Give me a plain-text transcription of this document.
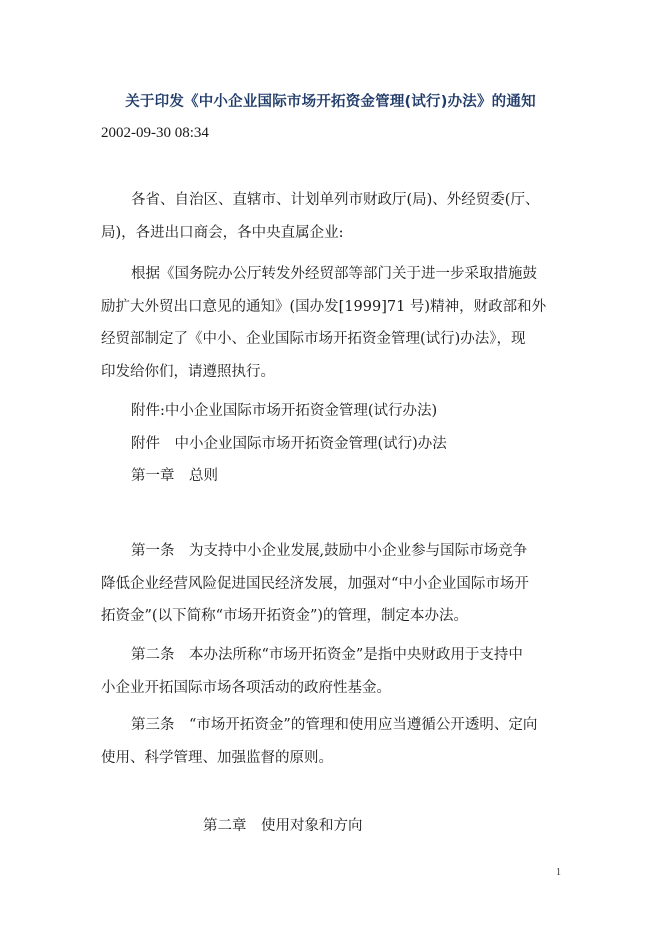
关于印发《中小企业国际市场开拓资金管理(试行)办法》的通知
2002-09-30 08:34
各省、自治区、直辖市、计划单列市财政厅(局)、外经贸委(厅、
局)，各进出口商会，各中央直属企业:
根据《国务院办公厅转发外经贸部等部门关于进一步采取措施鼓
励扩大外贸出口意见的通知》(国办发[1999]71 号)精神，财政部和外
经贸部制定了《中小、企业国际市场开拓资金管理(试行)办法》，现
印发给你们，请遵照执行。
附件:中小企业国际市场开拓资金管理(试行办法)
附件　中小企业国际市场开拓资金管理(试行)办法
第一章　总则
第一条　为支持中小企业发展,鼓励中小企业参与国际市场竞争
降低企业经营风险促进国民经济发展，加强对“中小企业国际市场开
拓资金”(以下简称“市场开拓资金”)的管理，制定本办法。
第二条　本办法所称“市场开拓资金”是指中央财政用于支持中
小企业开拓国际市场各项活动的政府性基金。
第三条　“市场开拓资金”的管理和使用应当遵循公开透明、定向
使用、科学管理、加强监督的原则。
第二章　使用对象和方向
1
